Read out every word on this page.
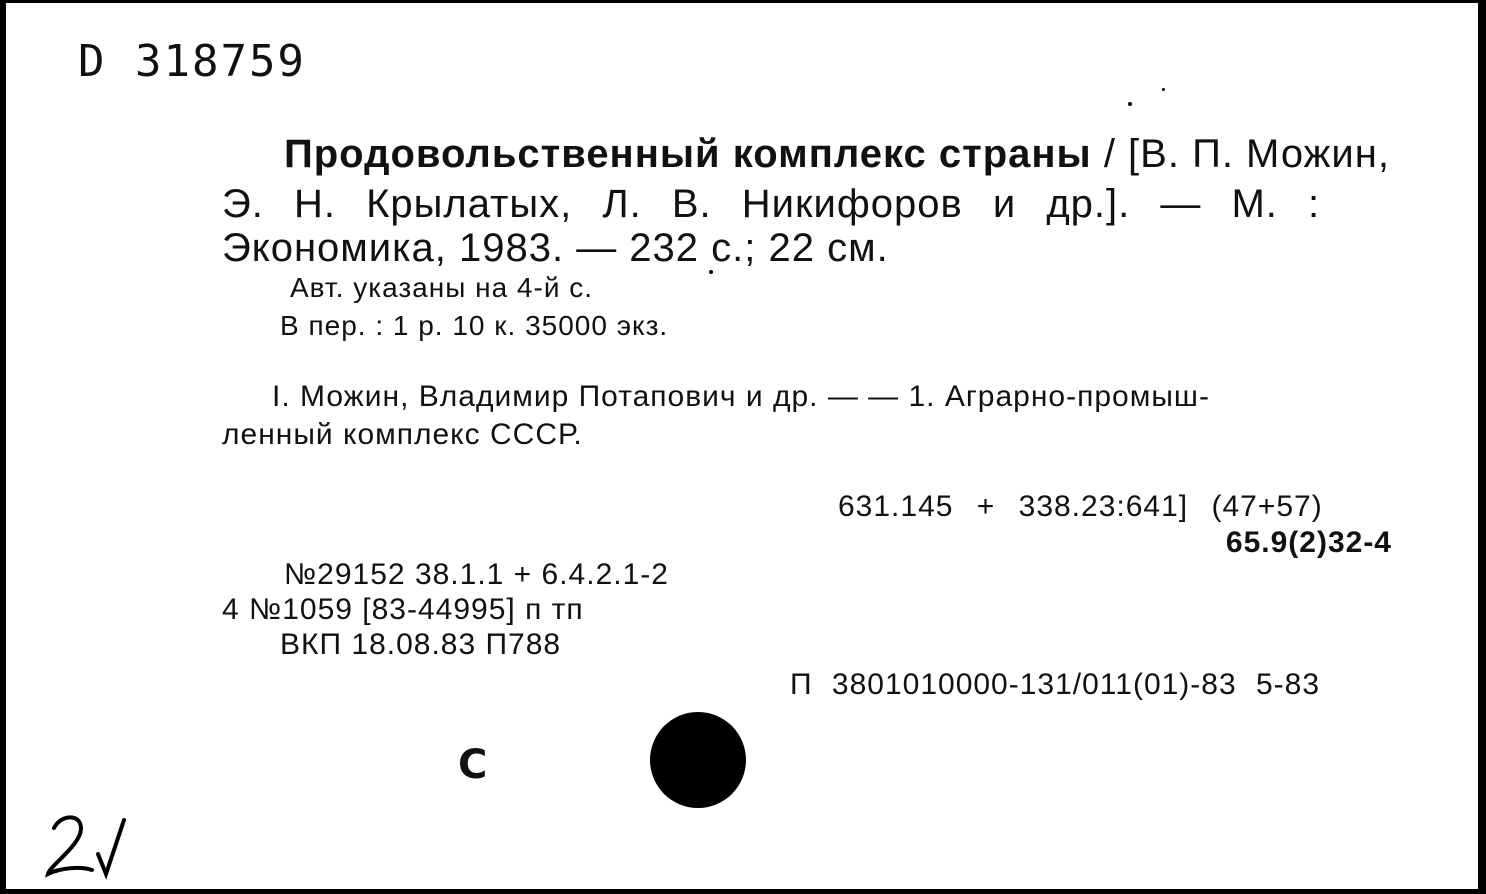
D 318759
Продовольственный комплекс страны / [В. П. Можин,
Э. Н. Крылатых, Л. В. Никифоров и др.]. — М. :
Экономика, 1983. — 232 с.; 22 см.
Авт. указаны на 4-й с.
В пер. : 1 р. 10 к. 35000 экз.
I. Можин, Владимир Потапович и др. — — 1. Аграрно-промыш-
ленный комплекс СССР.
631.145 + 338.23:641] (47+57)
65.9(2)32-4
№29152 38.1.1 + 6.4.2.1-2
4 №1059 [83-44995] п тп
ВКП 18.08.83 П788
П 3801010000-131/011(01)-83 5-83
С
